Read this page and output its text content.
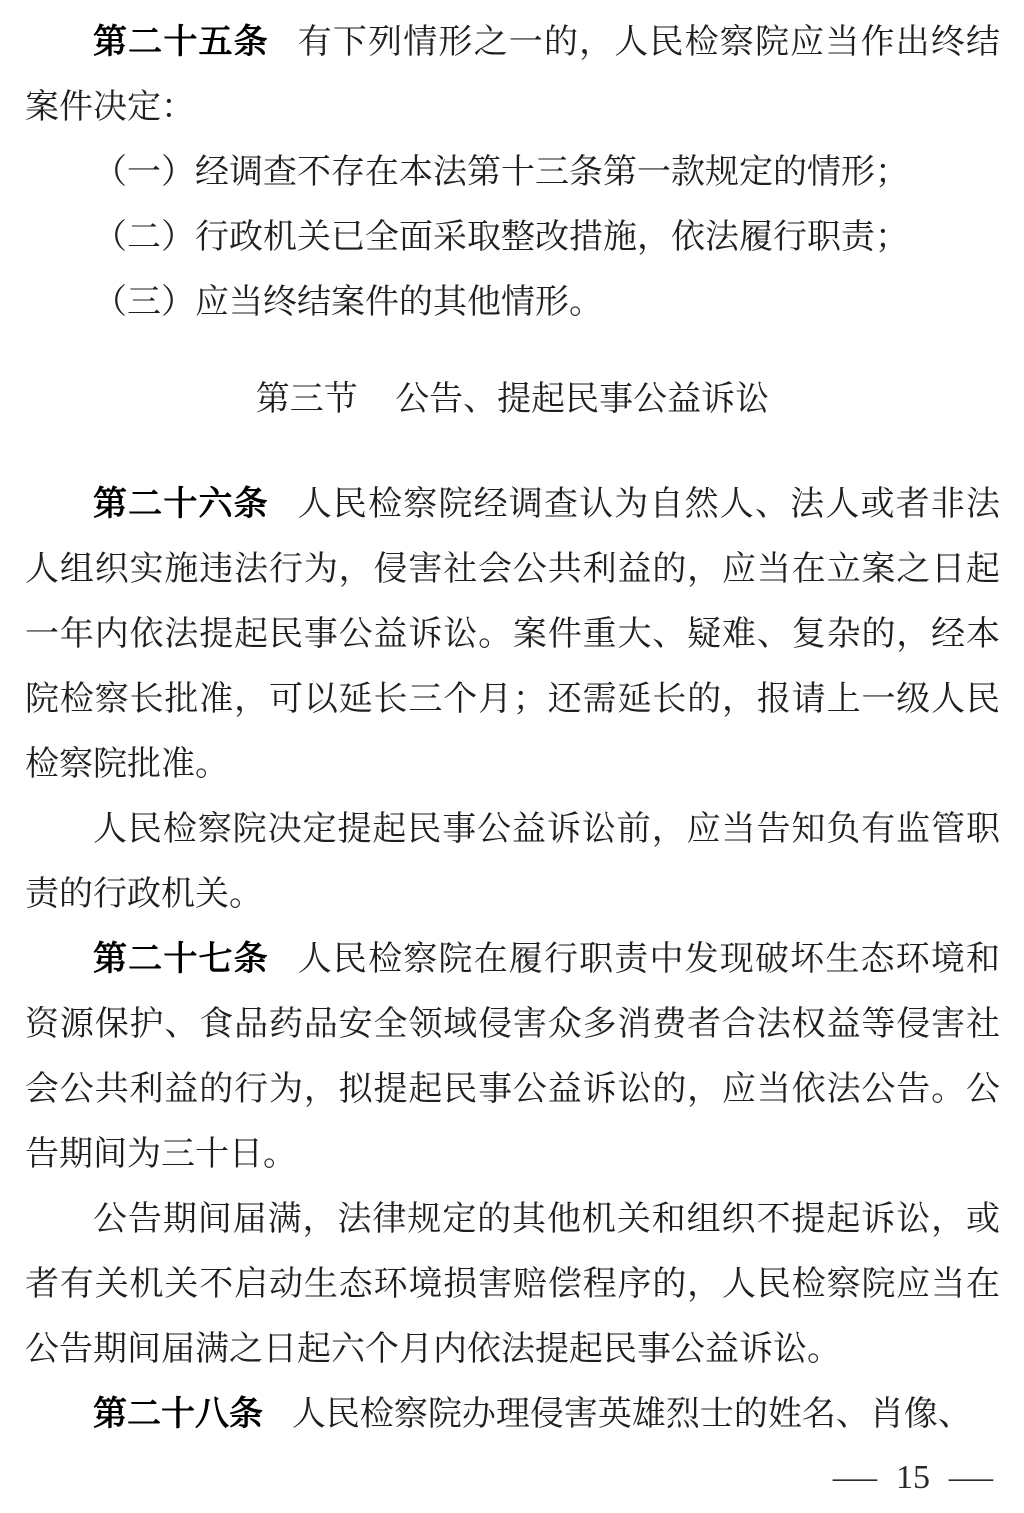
第二十五条 有下列情形之一的，人民检察院应当作出终结案件决定：

（一）经调查不存在本法第十三条第一款规定的情形；

（二）行政机关已全面采取整改措施，依法履行职责；

（三）应当终结案件的其他情形。

第三节 公告、提起民事公益诉讼

第二十六条 人民检察院经调查认为自然人、法人或者非法人组织实施违法行为，侵害社会公共利益的，应当在立案之日起一年内依法提起民事公益诉讼。案件重大、疑难、复杂的，经本院检察长批准，可以延长三个月；还需延长的，报请上一级人民检察院批准。

人民检察院决定提起民事公益诉讼前，应当告知负有监管职责的行政机关。

第二十七条 人民检察院在履行职责中发现破坏生态环境和资源保护、食品药品安全领域侵害众多消费者合法权益等侵害社会公共利益的行为，拟提起民事公益诉讼的，应当依法公告。公告期间为三十日。

公告期间届满，法律规定的其他机关和组织不提起诉讼，或者有关机关不启动生态环境损害赔偿程序的，人民检察院应当在公告期间届满之日起六个月内依法提起民事公益诉讼。

第二十八条 人民检察院办理侵害英雄烈士的姓名、肖像、

— 15 —
